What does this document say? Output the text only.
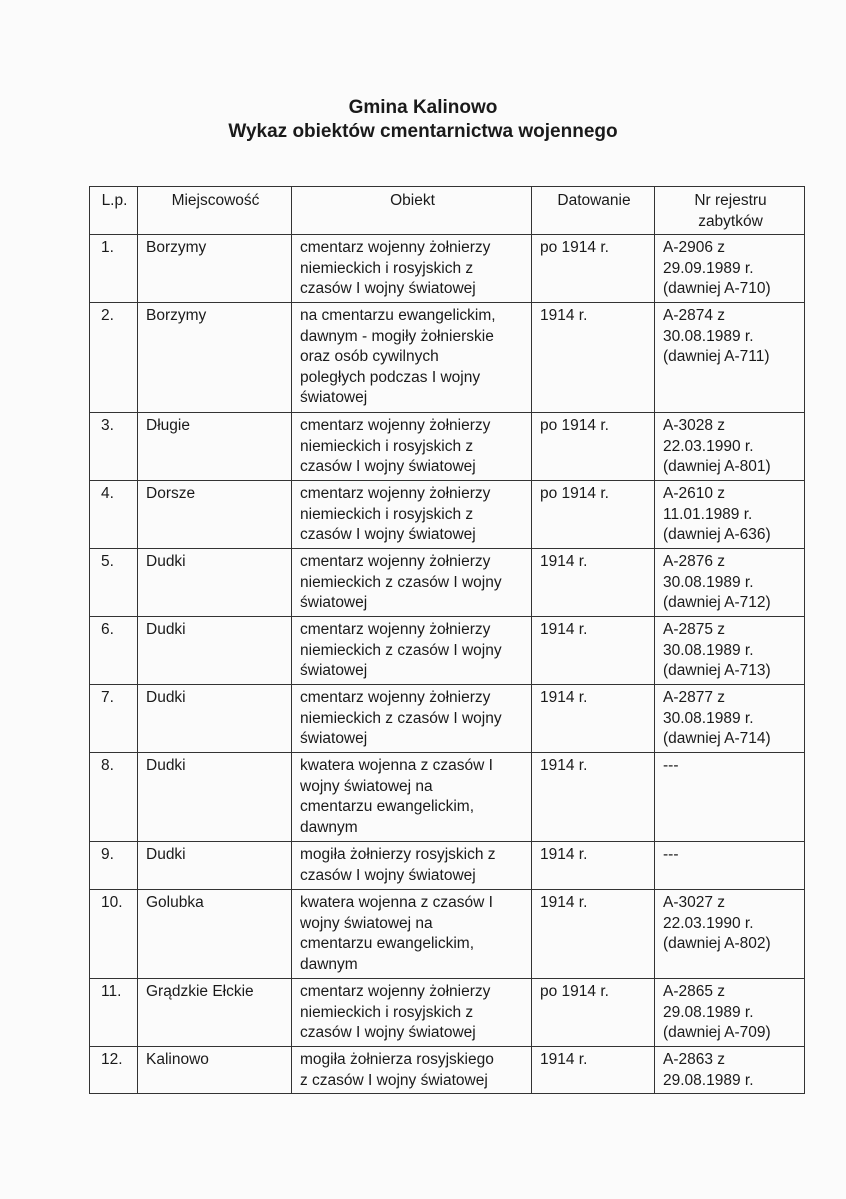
Gmina Kalinowo
Wykaz obiektów cmentarnictwa wojennego
L.p.	Miejscowość	Obiekt	Datowanie	Nr rejestru
zabytków
1.	Borzymy	cmentarz wojenny żołnierzy
niemieckich i rosyjskich z
czasów I wojny światowej	po 1914 r.	A-2906 z
29.09.1989 r.
(dawniej A-710)
2.	Borzymy	na cmentarzu ewangelickim,
dawnym - mogiły żołnierskie
oraz osób cywilnych
poległych podczas I wojny
światowej	1914 r.	A-2874 z
30.08.1989 r.
(dawniej A-711)
3.	Długie	cmentarz wojenny żołnierzy
niemieckich i rosyjskich z
czasów I wojny światowej	po 1914 r.	A-3028 z
22.03.1990 r.
(dawniej A-801)
4.	Dorsze	cmentarz wojenny żołnierzy
niemieckich i rosyjskich z
czasów I wojny światowej	po 1914 r.	A-2610 z
11.01.1989 r.
(dawniej A-636)
5.	Dudki	cmentarz wojenny żołnierzy
niemieckich z czasów I wojny
światowej	1914 r.	A-2876 z
30.08.1989 r.
(dawniej A-712)
6.	Dudki	cmentarz wojenny żołnierzy
niemieckich z czasów I wojny
światowej	1914 r.	A-2875 z
30.08.1989 r.
(dawniej A-713)
7.	Dudki	cmentarz wojenny żołnierzy
niemieckich z czasów I wojny
światowej	1914 r.	A-2877 z
30.08.1989 r.
(dawniej A-714)
8.	Dudki	kwatera wojenna z czasów I
wojny światowej na
cmentarzu ewangelickim,
dawnym	1914 r.	---
9.	Dudki	mogiła żołnierzy rosyjskich z
czasów I wojny światowej	1914 r.	---
10.	Golubka	kwatera wojenna z czasów I
wojny światowej na
cmentarzu ewangelickim,
dawnym	1914 r.	A-3027 z
22.03.1990 r.
(dawniej A-802)
11.	Grądzkie Ełckie	cmentarz wojenny żołnierzy
niemieckich i rosyjskich z
czasów I wojny światowej	po 1914 r.	A-2865 z
29.08.1989 r.
(dawniej A-709)
12.	Kalinowo	mogiła żołnierza rosyjskiego
z czasów I wojny światowej	1914 r.	A-2863 z
29.08.1989 r.
